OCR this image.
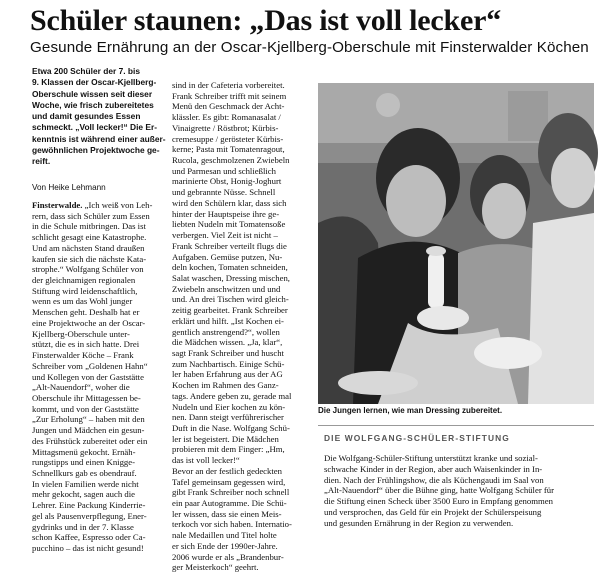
Schüler staunen: „Das ist voll lecker“
Gesunde Ernährung an der Oscar-Kjellberg-Oberschule mit Finsterwalder Köchen
Etwa 200 Schüler der 7. bis
9. Klassen der Oscar-Kjellberg-
Oberschule wissen seit dieser
Woche, wie frisch zubereitetes
und damit gesundes Essen
schmeckt. „Voll lecker!“ Die Er-
kenntnis ist während einer außer-
gewöhnlichen Projektwoche ge-
reift.
Von Heike Lehmann
Finsterwalde. „Ich weiß von Leh-
rern, dass sich Schüler zum Essen
in die Schule mitbringen. Das ist
schlicht gesagt eine Katastrophe.
Und am nächsten Stand draußen
kaufen sie sich die nächste Kata-
strophe.“ Wolfgang Schüler von
der gleichnamigen regionalen
Stiftung wird leidenschaftlich,
wenn es um das Wohl junger
Menschen geht. Deshalb hat er
eine Projektwoche an der Oscar-
Kjellberg-Oberschule unter-
stützt, die es in sich hatte. Drei
Finsterwalder Köche – Frank
Schreiber vom „Goldenen Hahn“
und Kollegen von der Gaststätte
„Alt-Nauendorf“, woher die
Oberschule ihr Mittagessen be-
kommt, und von der Gaststätte
„Zur Erholung“ – haben mit den
Jungen und Mädchen ein gesun-
des Frühstück zubereitet oder ein
Mittagsmenü gekocht. Ernäh-
rungstipps und einen Knigge-
Schnellkurs gab es obendrauf.
In vielen Familien werde nicht
mehr gekocht, sagen auch die
Lehrer. Eine Packung Kinderrie-
gel als Pausenverpflegung, Ener-
gydrinks und in der 7. Klasse
schon Kaffee, Espresso oder Ca-
pucchino – das ist nicht gesund!
sind in der Cafeteria vorbereitet.
Frank Schreiber trifft mit seinem
Menü den Geschmack der Acht-
klässler. Es gibt: Romanasalat /
Vinaigrette / Röstbrot; Kürbis-
cremesuppe / gerösteter Kürbis-
kerne; Pasta mit Tomatenragout,
Rucola, geschmolzenen Zwiebeln
und Parmesan und schließlich
marinierte Obst, Honig-Joghurt
und gebrannte Nüsse. Schnell
wird den Schülern klar, dass sich
hinter der Hauptspeise ihre ge-
liebten Nudeln mit Tomatensoße
verbergen. Viel Zeit ist nicht –
Frank Schreiber verteilt flugs die
Aufgaben. Gemüse putzen, Nu-
deln kochen, Tomaten schneiden,
Salat waschen, Dressing mischen,
Zwiebeln anschwitzen und und
und. An drei Tischen wird gleich-
zeitig gearbeitet. Frank Schreiber
erklärt und hilft. „Ist Kochen ei-
gentlich anstrengend?“, wollen
die Mädchen wissen. „Ja, klar“,
sagt Frank Schreiber und huscht
zum Nachbartisch. Einige Schü-
ler haben Erfahrung aus der AG
Kochen im Rahmen des Ganz-
tags. Andere geben zu, gerade mal
Nudeln und Eier kochen zu kön-
nen. Dann steigt verführerischer
Duft in die Nase. Wolfgang Schü-
ler ist begeistert. Die Mädchen
probieren mit dem Finger: „Hm,
das ist voll lecker!“
Bevor an der festlich gedeckten
Tafel gemeinsam gegessen wird,
gibt Frank Schreiber noch schnell
ein paar Autogramme. Die Schü-
ler wissen, dass sie einen Meis-
terkoch vor sich haben. Internatio-
nale Medaillen und Titel holte
er sich Ende der 1990er-Jahre.
2006 wurde er als „Brandenbur-
ger Meisterkoch“ geehrt.
Die Jungen lernen, wie man Dressing zubereitet.
DIE WOLFGANG-SCHÜLER-STIFTUNG
Die Wolfgang-Schüler-Stiftung unterstützt kranke und sozial-
schwache Kinder in der Region, aber auch Waisenkinder in In-
dien. Nach der Frühlingshow, die als Küchengaudi im Saal von
„Alt-Nauendorf“ über die Bühne ging, hatte Wolfgang Schüler für
die Stiftung einen Scheck über 3500 Euro in Empfang genommen
und versprochen, das Geld für ein Projekt der Schülerspeisung
und gesunden Ernährung in der Region zu verwenden.
